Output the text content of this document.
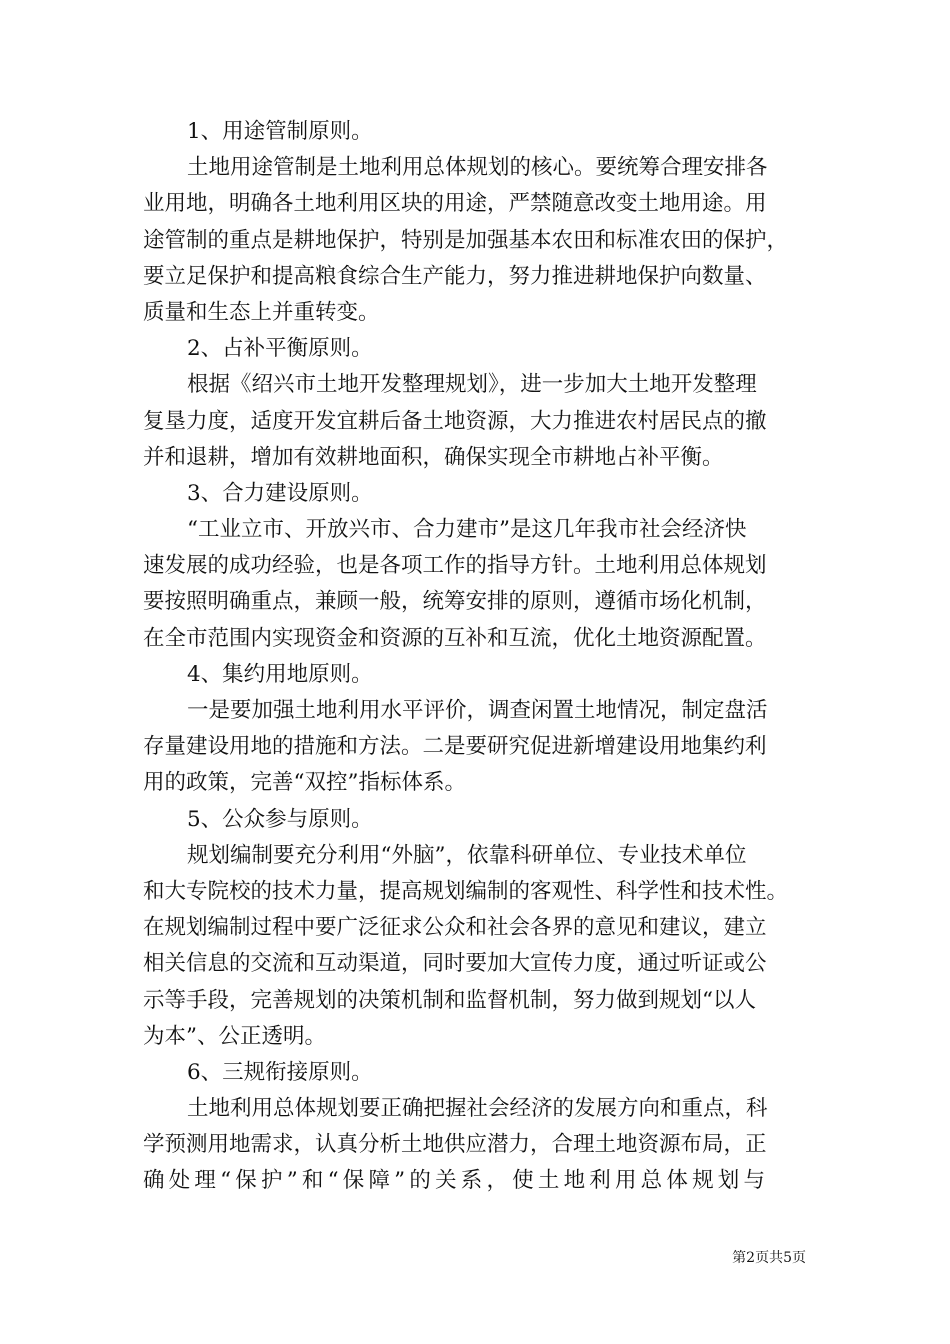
1、用途管制原则。
土地用途管制是土地利用总体规划的核心。要统筹合理安排各
业用地，明确各土地利用区块的用途，严禁随意改变土地用途。用
途管制的重点是耕地保护，特别是加强基本农田和标准农田的保护，
要立足保护和提高粮食综合生产能力，努力推进耕地保护向数量、
质量和生态上并重转变。
2、占补平衡原则。
根据《绍兴市土地开发整理规划》，进一步加大土地开发整理
复垦力度，适度开发宜耕后备土地资源，大力推进农村居民点的撤
并和退耕，增加有效耕地面积，确保实现全市耕地占补平衡。
3、合力建设原则。
“工业立市、开放兴市、合力建市”是这几年我市社会经济快
速发展的成功经验，也是各项工作的指导方针。土地利用总体规划
要按照明确重点，兼顾一般，统筹安排的原则，遵循市场化机制，
在全市范围内实现资金和资源的互补和互流，优化土地资源配置。
4、集约用地原则。
一是要加强土地利用水平评价，调查闲置土地情况，制定盘活
存量建设用地的措施和方法。二是要研究促进新增建设用地集约利
用的政策，完善“双控”指标体系。
5、公众参与原则。
规划编制要充分利用“外脑”，依靠科研单位、专业技术单位
和大专院校的技术力量，提高规划编制的客观性、科学性和技术性。
在规划编制过程中要广泛征求公众和社会各界的意见和建议，建立
相关信息的交流和互动渠道，同时要加大宣传力度，通过听证或公
示等手段，完善规划的决策机制和监督机制，努力做到规划“以人
为本”、公正透明。
6、三规衔接原则。
土地利用总体规划要正确把握社会经济的发展方向和重点，科
学预测用地需求，认真分析土地供应潜力，合理土地资源布局，正
确处理“保护”和“保障”的关系，使土地利用总体规划与
第2页共5页
